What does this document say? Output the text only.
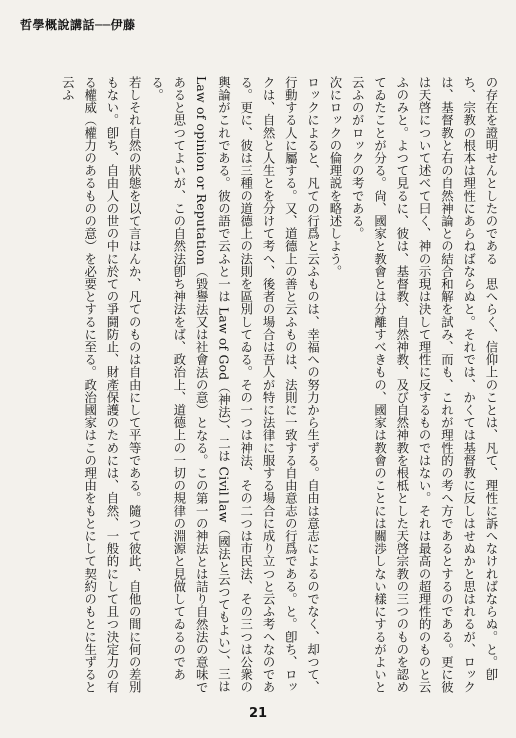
哲學概說講話──伊藤

の存在を證明せんとしたのである　思へらく、信仰上のことは、凡て、理性に訴へなければならぬ。と。卽ち、宗教の根本は理性にあらねばならぬと。それでは、かくては基督教に反しはせぬかと思はれるが、ロックは、基督教と右の自然神論との結合和解を試み、而も、これが理性的の考へ方であるとするのである。更に彼は天啓について述べて曰く、神の示現は決して理性に反するものではない。それは最高の超理性的のものと云ふのみと。よつて見るに、彼は、基督教、自然神教、及び自然神教を根柢とした天啓宗教の三つのものを認めてゐたことが分る。尙、國家と教會とは分離すべきもの、國家は教會のことには關渉しない樣にするがよいと云ふのがロックの考である。

次にロックの倫理説を略述しよう。

ロックによると、凡ての行爲と云ふものは、幸福への努力から生ずる。自由は意志によるのでなく、却つて、行動する人に屬する。又、道德上の善と云ふものは、法則に一致する自由意志の行爲である。と。卽ち、ロックは、自然と人生とを分けて考へ、後者の場合は吾人が特に法律に服する場合に成り立つと云ふ考へなのである。更に、彼は三種の道德上の法則を區別してゐる。その一つは神法、その二つは市民法、その三つは公衆の輿論がこれである。彼の語で云ふと一は Law of God（神法）、二は Civil law（國法と云つてもよい）、三は Law of opinion or Reputation（毀譽法又は社會法の意）となる。この第一の神法とは詰り自然法の意味であると思つてよいが、この自然法卽ち神法をば、政治上、道德上の一切の規律の淵源と見做してゐるのである。

若しそれ自然の狀態を以て言はんか、凡てのものは自由にして平等である。隨つて彼此、自他の間に何の差別もない。卽ち、自由人の世の中に於ての爭鬪防止、財產保護のためには、自然、一般的にして且つ決定力の有る權威（權力のあるものの意）を必要とするに至る。政治國家はこの理由をもとにして契約のもとに生ずると云ふ

21
